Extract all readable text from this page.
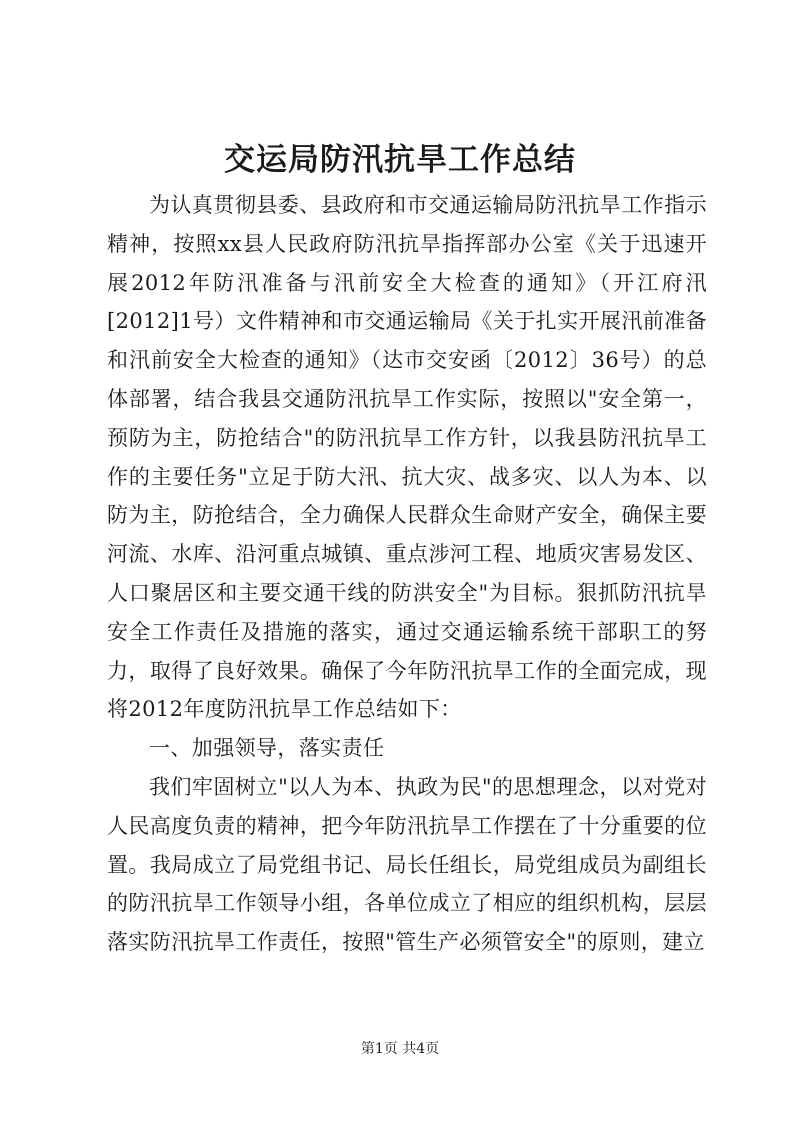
交运局防汛抗旱工作总结

为认真贯彻县委、县政府和市交通运输局防汛抗旱工作指示精神，按照xx县人民政府防汛抗旱指挥部办公室《关于迅速开展2012年防汛准备与汛前安全大检查的通知》（开江府汛[2012]1号）文件精神和市交通运输局《关于扎实开展汛前准备和汛前安全大检查的通知》（达市交安函〔2012〕36号）的总体部署，结合我县交通防汛抗旱工作实际，按照以"安全第一，预防为主，防抢结合"的防汛抗旱工作方针，以我县防汛抗旱工作的主要任务"立足于防大汛、抗大灾、战多灾、以人为本、以防为主，防抢结合，全力确保人民群众生命财产安全，确保主要河流、水库、沿河重点城镇、重点涉河工程、地质灾害易发区、人口聚居区和主要交通干线的防洪安全"为目标。狠抓防汛抗旱安全工作责任及措施的落实，通过交通运输系统干部职工的努力，取得了良好效果。确保了今年防汛抗旱工作的全面完成，现将2012年度防汛抗旱工作总结如下：

一、加强领导，落实责任

我们牢固树立"以人为本、执政为民"的思想理念，以对党对人民高度负责的精神，把今年防汛抗旱工作摆在了十分重要的位置。我局成立了局党组书记、局长任组长，局党组成员为副组长的防汛抗旱工作领导小组，各单位成立了相应的组织机构，层层落实防汛抗旱工作责任，按照"管生产必须管安全"的原则，建立

第1页 共4页
